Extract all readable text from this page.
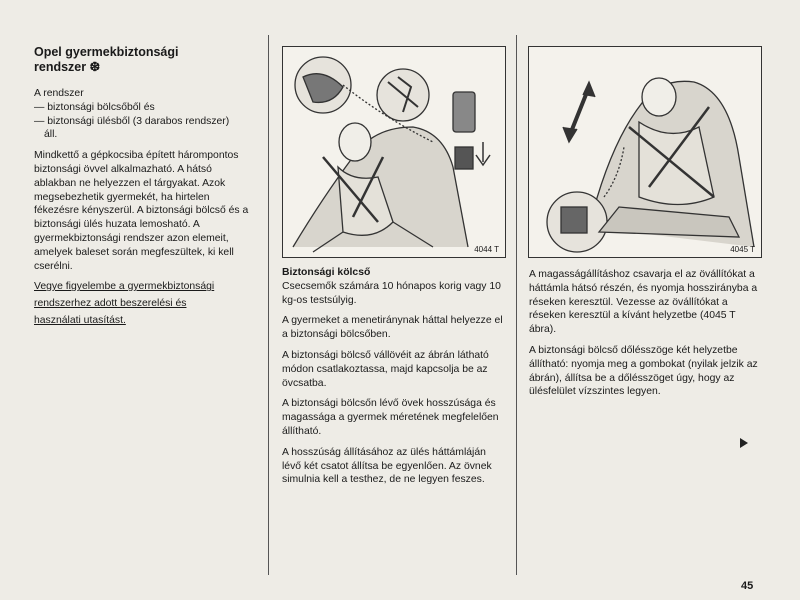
Opel gyermekbiztonsági
rendszer ❆

A rendszer
— biztonsági bölcsőből és
— biztonsági ülésből (3 darabos rendszer)
áll.

Mindkettő a gépkocsiba épített hárompontos biztonsági övvel alkalmazható. A hátsó ablakban ne helyezzen el tárgyakat. Azok megsebezhetik gyermekét, ha hirtelen fékezésre kényszerül. A biztonsági bölcső és a biztonsági ülés huzata lemosható. A gyermekbiztonsági rendszer azon elemeit, amelyek baleset során megfeszültek, ki kell cserélni.

Vegye figyelembe a gyermekbiztonsági
rendszerhez adott beszerelési és
használati utasítást.
4044 T	4045 T

Biztonsági kölcső
Csecsemők számára 10 hónapos korig vagy 10 kg-os testsúlyig.

A gyermeket a menetiránynak háttal helyezze el a biztonsági bölcsőben.

A biztonsági bölcső vállövéit az ábrán látható módon csatlakoztassa, majd kapcsolja be az övcsatba.

A biztonsági bölcsőn lévő övek hosszúsága és magassága a gyermek méretének megfelelően állítható.

A hosszúság állításához az ülés háttámláján lévő két csatot állítsa be egyenlően. Az övnek simulnia kell a testhez, de ne legyen feszes.

A magasságállításhoz csavarja el az övállítókat a háttámla hátsó részén, és nyomja hosszirányba a réseken keresztül. Vezesse az övállítókat a réseken keresztül a kívánt helyzetbe (4045 T ábra).

A biztonsági bölcső dőlésszöge két helyzetbe állítható: nyomja meg a gombokat (nyilak jelzik az ábrán), állítsa be a dőlésszöget úgy, hogy az ülésfelület vízszintes legyen.

45
